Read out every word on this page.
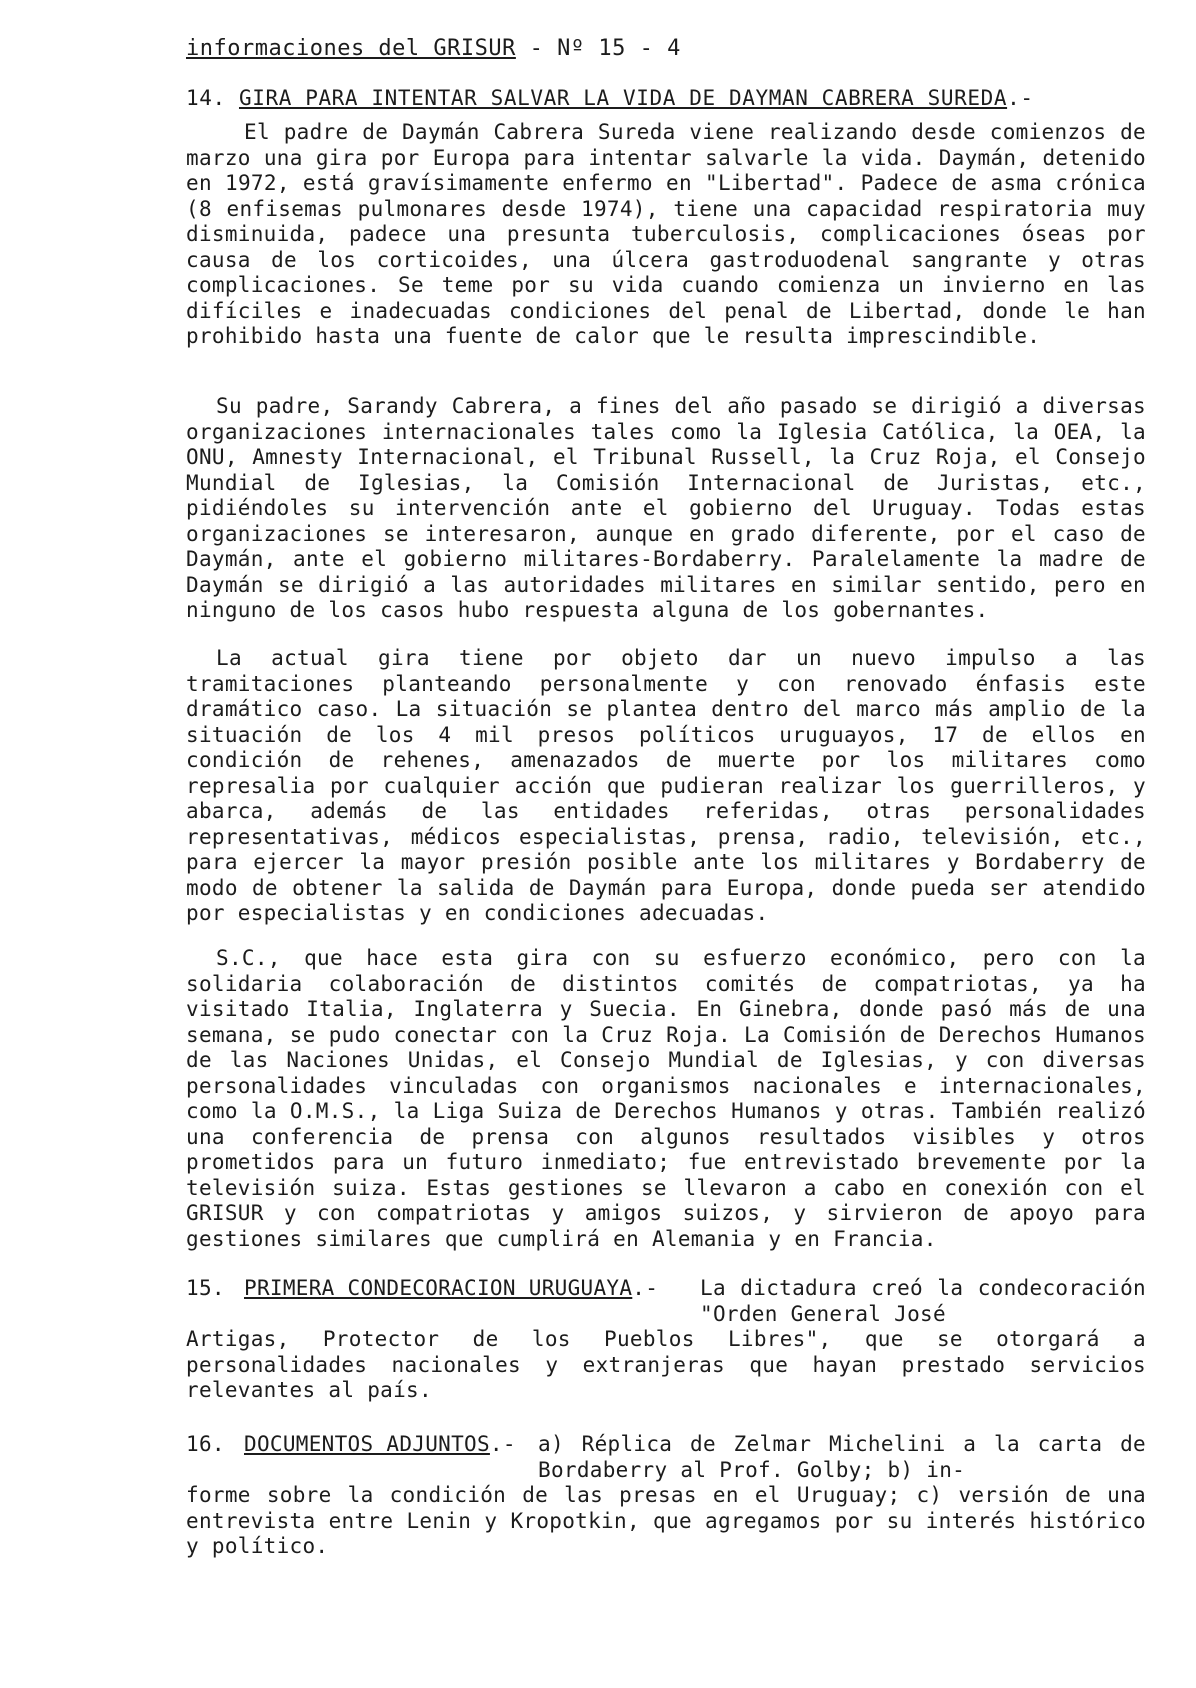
informaciones del GRISUR - Nº 15 - 4
14. GIRA PARA INTENTAR SALVAR LA VIDA DE DAYMAN CABRERA SUREDA.-

El padre de Daymán Cabrera Sureda viene realizando desde comienzos de marzo una gira por Europa para intentar salvarle la vida. Daymán, detenido en 1972, está gravísimamente enfermo en "Libertad". Padece de asma crónica (8 enfisemas pulmonares desde 1974), tiene una capacidad respiratoria muy disminuida, padece una presunta tuberculosis, complicaciones óseas por causa de los corticoides, una úlcera gastroduodenal sangrante y otras complicaciones. Se teme por su vida cuando comienza un invierno en las difíciles e inadecuadas condiciones del penal de Libertad, donde le han prohibido hasta una fuente de calor que le resulta imprescindible.

Su padre, Sarandy Cabrera, a fines del año pasado se dirigió a diversas organizaciones internacionales tales como la Iglesia Católica, la OEA, la ONU, Amnesty Internacional, el Tribunal Russell, la Cruz Roja, el Consejo Mundial de Iglesias, la Comisión Internacional de Juristas, etc., pidiéndoles su intervención ante el gobierno del Uruguay. Todas estas organizaciones se interesaron, aunque en grado diferente, por el caso de Daymán, ante el gobierno militares-Bordaberry. Paralelamente la madre de Daymán se dirigió a las autoridades militares en similar sentido, pero en ninguno de los casos hubo respuesta alguna de los gobernantes.

La actual gira tiene por objeto dar un nuevo impulso a las tramitaciones planteando personalmente y con renovado énfasis este dramático caso. La situación se plantea dentro del marco más amplio de la situación de los 4 mil presos políticos uruguayos, 17 de ellos en condición de rehenes, amenazados de muerte por los militares como represalia por cualquier acción que pudieran realizar los guerrilleros, y abarca, además de las entidades referidas, otras personalidades representativas, médicos especialistas, prensa, radio, televisión, etc., para ejercer la mayor presión posible ante los militares y Bordaberry de modo de obtener la salida de Daymán para Europa, donde pueda ser atendido por especialistas y en condiciones adecuadas.

S.C., que hace esta gira con su esfuerzo económico, pero con la solidaria colaboración de distintos comités de compatriotas, ya ha visitado Italia, Inglaterra y Suecia. En Ginebra, donde pasó más de una semana, se pudo conectar con la Cruz Roja. La Comisión de Derechos Humanos de las Naciones Unidas, el Consejo Mundial de Iglesias, y con diversas personalidades vinculadas con organismos nacionales e internacionales, como la O.M.S., la Liga Suiza de Derechos Humanos y otras. También realizó una conferencia de prensa con algunos resultados visibles y otros prometidos para un futuro inmediato; fue entrevistado brevemente por la televisión suiza. Estas gestiones se llevaron a cabo en conexión con el GRISUR y con compatriotas y amigos suizos, y sirvieron de apoyo para gestiones similares que cumplirá en Alemania y en Francia.

15. PRIMERA CONDECORACION URUGUAYA.-	La dictadura creó la condecoración "Orden General José
Artigas, Protector de los Pueblos Libres", que se otorgará a personalidades nacionales y extranjeras que hayan prestado servicios relevantes al país.
16. DOCUMENTOS ADJUNTOS.-	a) Réplica de Zelmar Michelini a la carta de Bordaberry al Prof. Golby; b) in-
forme sobre la condición de las presas en el Uruguay; c) versión de una entrevista entre Lenin y Kropotkin, que agregamos por su interés histórico y político.
